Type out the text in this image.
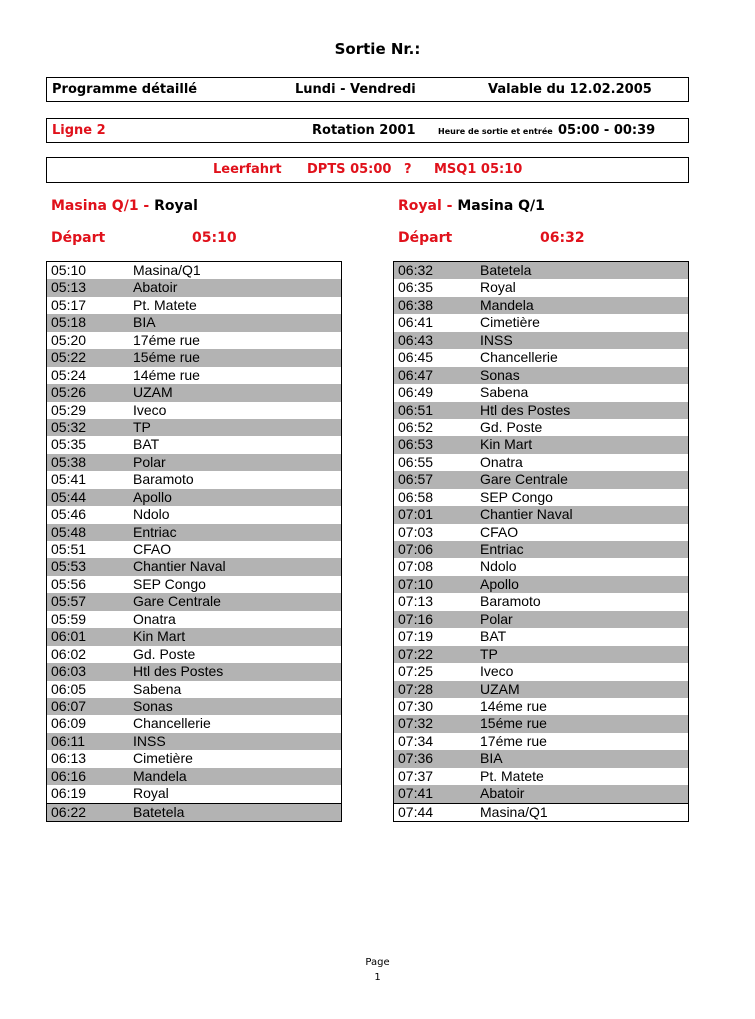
Sortie Nr.:
Programme détaillé	Lundi - Vendredi	Valable du 12.02.2005
Ligne 2	Rotation 2001	Heure de sortie et entrée 05:00 - 00:39
Leerfahrt DPTS 05:00 ? MSQ1 05:10
Masina Q/1 - Royal
Départ	05:10
Royal - Masina Q/1
Départ	06:32
05:10	Masina/Q1
05:13	Abatoir
05:17	Pt. Matete
05:18	BIA
05:20	17éme rue
05:22	15éme rue
05:24	14éme rue
05:26	UZAM
05:29	Iveco
05:32	TP
05:35	BAT
05:38	Polar
05:41	Baramoto
05:44	Apollo
05:46	Ndolo
05:48	Entriac
05:51	CFAO
05:53	Chantier Naval
05:56	SEP Congo
05:57	Gare Centrale
05:59	Onatra
06:01	Kin Mart
06:02	Gd. Poste
06:03	Htl des Postes
06:05	Sabena
06:07	Sonas
06:09	Chancellerie
06:11	INSS
06:13	Cimetière
06:16	Mandela
06:19	Royal
06:22	Batetela
06:32	Batetela
06:35	Royal
06:38	Mandela
06:41	Cimetière
06:43	INSS
06:45	Chancellerie
06:47	Sonas
06:49	Sabena
06:51	Htl des Postes
06:52	Gd. Poste
06:53	Kin Mart
06:55	Onatra
06:57	Gare Centrale
06:58	SEP Congo
07:01	Chantier Naval
07:03	CFAO
07:06	Entriac
07:08	Ndolo
07:10	Apollo
07:13	Baramoto
07:16	Polar
07:19	BAT
07:22	TP
07:25	Iveco
07:28	UZAM
07:30	14éme rue
07:32	15éme rue
07:34	17éme rue
07:36	BIA
07:37	Pt. Matete
07:41	Abatoir
07:44	Masina/Q1
Page
1
